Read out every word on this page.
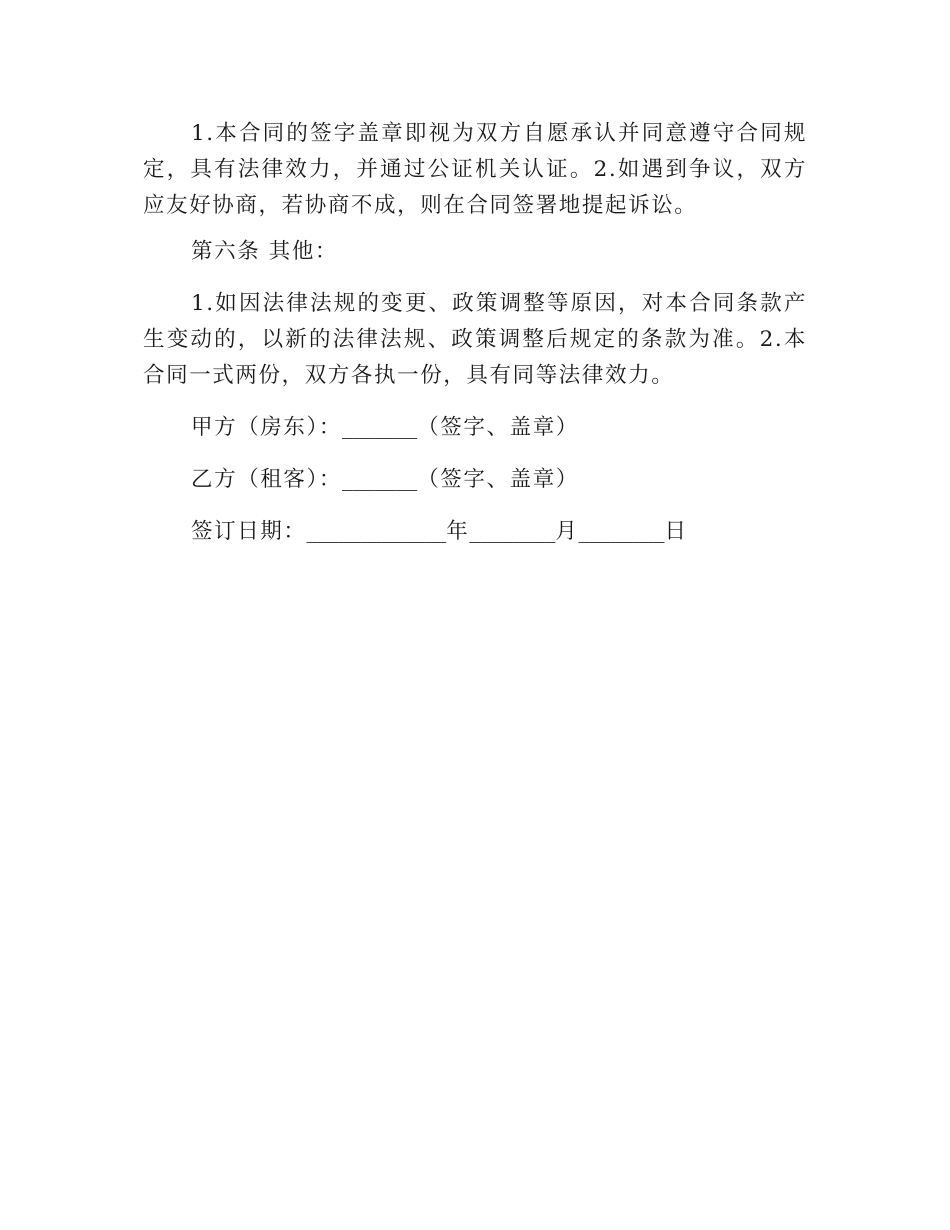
1.本合同的签字盖章即视为双方自愿承认并同意遵守合同规定，具有法律效力，并通过公证机关认证。2.如遇到争议，双方应友好协商，若协商不成，则在合同签署地提起诉讼。

第六条 其他：

1.如因法律法规的变更、政策调整等原因，对本合同条款产生变动的，以新的法律法规、政策调整后规定的条款为准。2.本合同一式两份，双方各执一份，具有同等法律效力。

甲方（房东）：_______（签字、盖章）

乙方（租客）：_______（签字、盖章）

签订日期：_____________年________月________日
